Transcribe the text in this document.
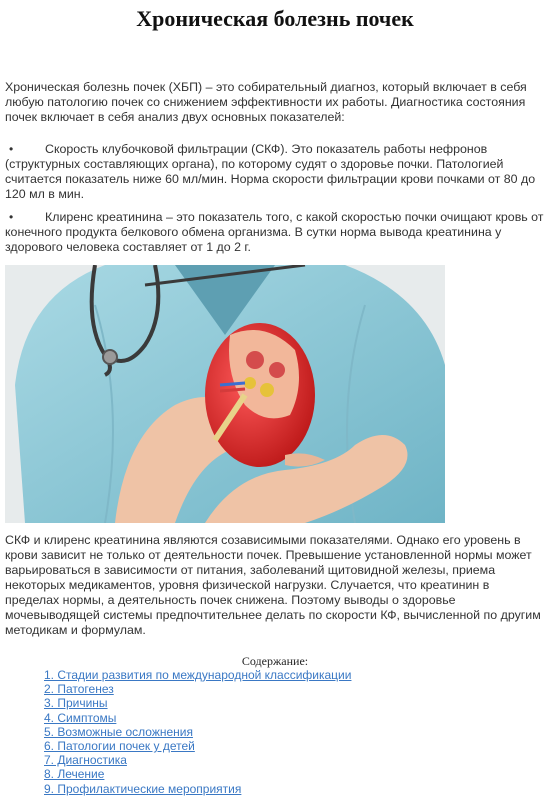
Хроническая болезнь почек
Хроническая болезнь почек (ХБП) – это собирательный диагноз, который включает в себя любую патологию почек со снижением эффективности их работы. Диагностика состояния почек включает в себя анализ двух основных показателей:
•	Скорость клубочковой фильтрации (СКФ). Это показатель работы нефронов (структурных составляющих органа), по которому судят о здоровье почки. Патологией считается показатель ниже 60 мл/мин. Норма скорости фильтрации крови почками от 80 до 120 мл в мин.
•	Клиренс креатинина – это показатель того, с какой скоростью почки очищают кровь от конечного продукта белкового обмена организма. В сутки норма вывода креатинина у здорового человека составляет от 1 до 2 г.
СКФ и клиренс креатинина являются созависимыми показателями. Однако его уровень в крови зависит не только от деятельности почек. Превышение установленной нормы может варьироваться в зависимости от питания, заболеваний щитовидной железы, приема некоторых медикаментов, уровня физической нагрузки. Случается, что креатинин в пределах нормы, а деятельность почек снижена. Поэтому выводы о здоровье мочевыводящей системы предпочтительнее делать по скорости КФ, вычисленной по другим методикам и формулам.
Содержание:
1. Стадии развития по международной классификации
2. Патогенез
3. Причины
4. Симптомы
5. Возможные осложнения
6. Патологии почек у детей
7. Диагностика
8. Лечение
9. Профилактические мероприятия
